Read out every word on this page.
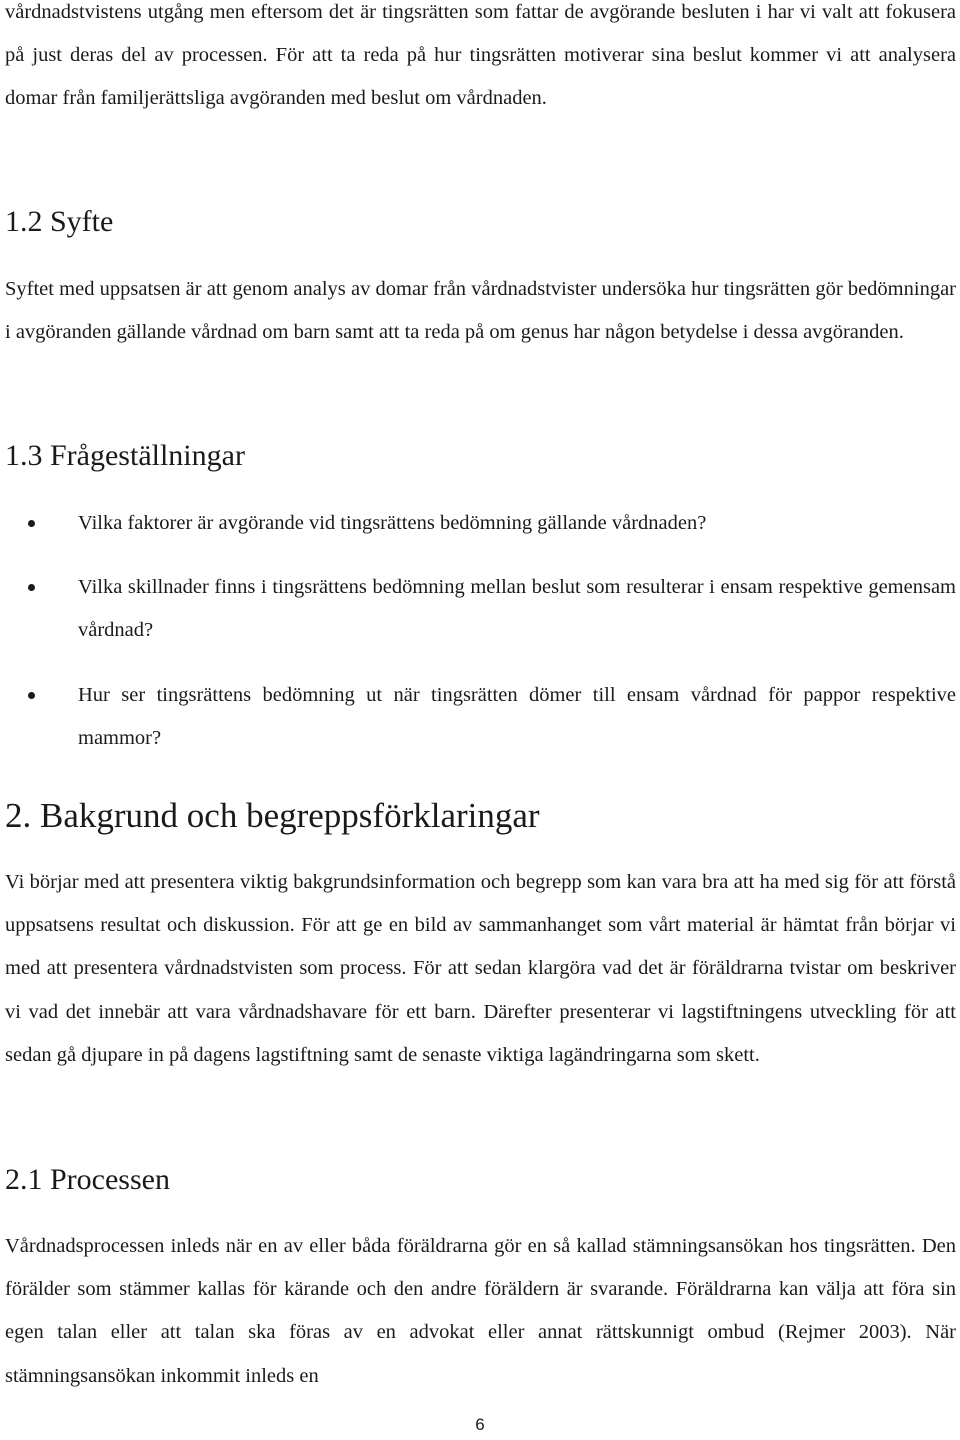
vårdnadstvistens utgång men eftersom det är tingsrätten som fattar de avgörande besluten i har vi valt att fokusera på just deras del av processen. För att ta reda på hur tingsrätten motiverar sina beslut kommer vi att analysera domar från familjerättsliga avgöranden med beslut om vårdnaden.

1.2 Syfte

Syftet med uppsatsen är att genom analys av domar från vårdnadstvister undersöka hur tingsrätten gör bedömningar i avgöranden gällande vårdnad om barn samt att ta reda på om genus har någon betydelse i dessa avgöranden.

1.3 Frågeställningar
Vilka faktorer är avgörande vid tingsrättens bedömning gällande vårdnaden?
Vilka skillnader finns i tingsrättens bedömning mellan beslut som resulterar i ensam respektive gemensam vårdnad?
Hur ser tingsrättens bedömning ut när tingsrätten dömer till ensam vårdnad för pappor respektive mammor?
2. Bakgrund och begreppsförklaringar

Vi börjar med att presentera viktig bakgrundsinformation och begrepp som kan vara bra att ha med sig för att förstå uppsatsens resultat och diskussion. För att ge en bild av sammanhanget som vårt material är hämtat från börjar vi med att presentera vårdnadstvisten som process. För att sedan klargöra vad det är föräldrarna tvistar om beskriver vi vad det innebär att vara vårdnadshavare för ett barn. Därefter presenterar vi lagstiftningens utveckling för att sedan gå djupare in på dagens lagstiftning samt de senaste viktiga lagändringarna som skett.

2.1 Processen

Vårdnadsprocessen inleds när en av eller båda föräldrarna gör en så kallad stämningsansökan hos tingsrätten. Den förälder som stämmer kallas för kärande och den andre föräldern är svarande. Föräldrarna kan välja att föra sin egen talan eller att talan ska föras av en advokat eller annat rättskunnigt ombud (Rejmer 2003). När stämningsansökan inkommit inleds en

6
